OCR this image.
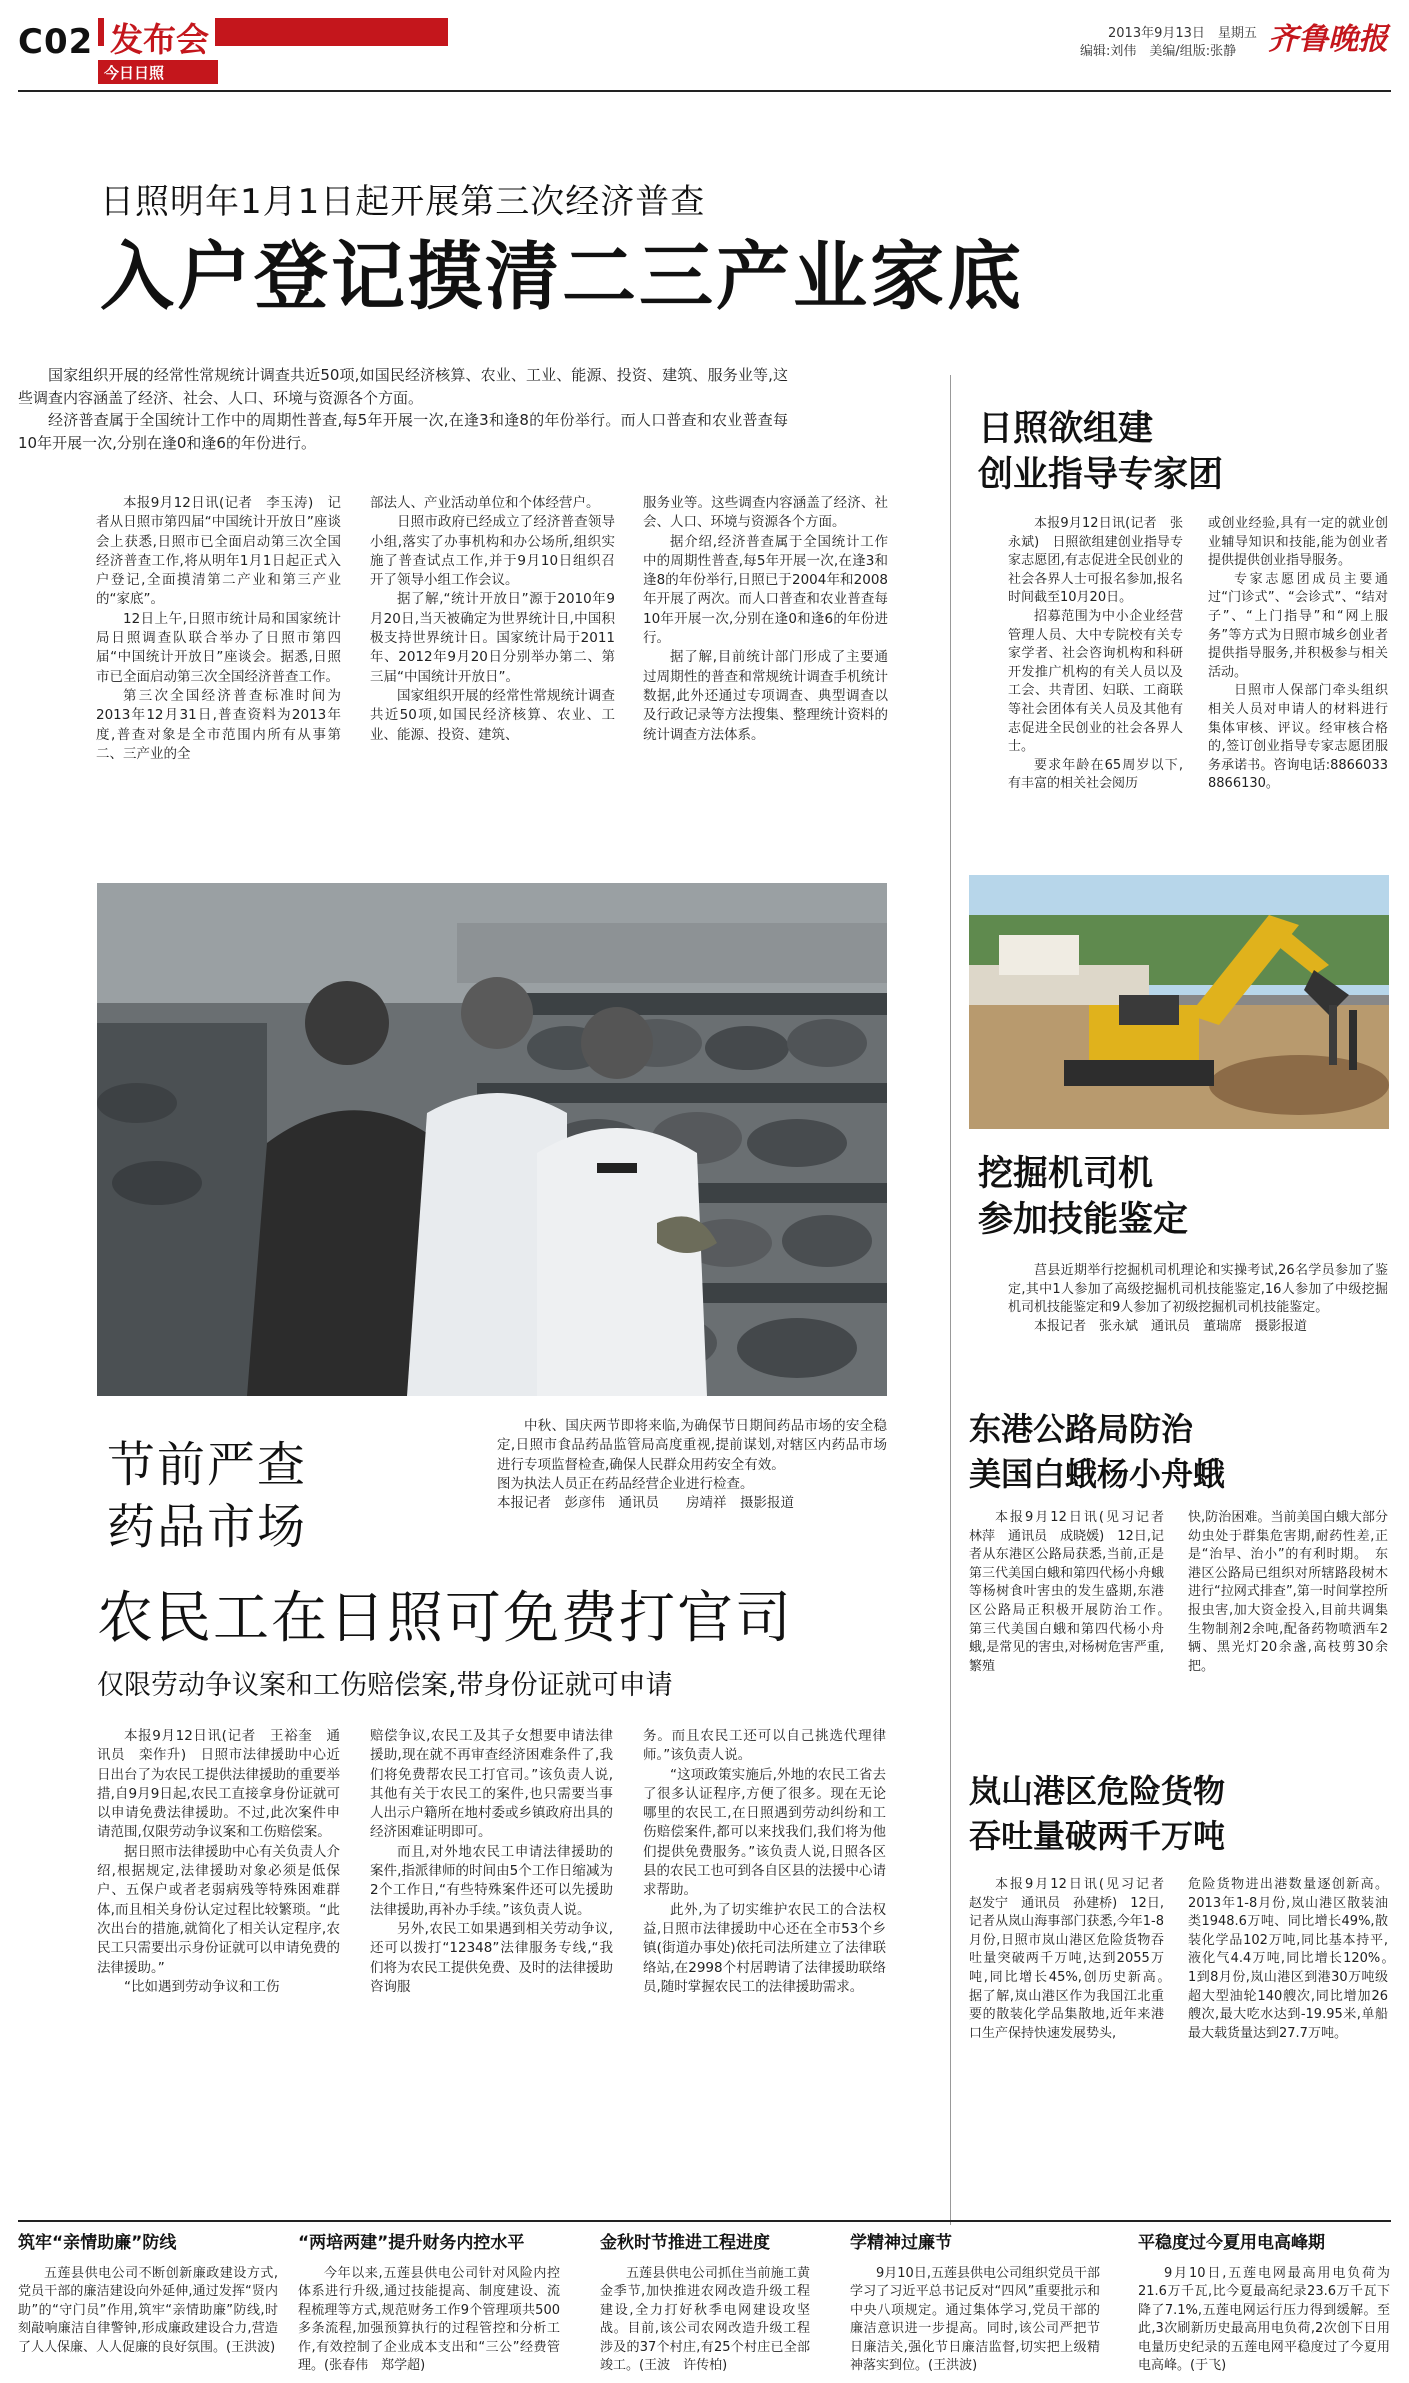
C02 发布会
今日日照
2013年9月13日　星期五
编辑:刘伟　美编/组版:张静 齐鲁晚报
日照明年1月1日起开展第三次经济普查
入户登记摸清二三产业家底

国家组织开展的经常性常规统计调查共近50项,如国民经济核算、农业、工业、能源、投资、建筑、服务业等,这些调查内容涵盖了经济、社会、人口、环境与资源各个方面。

经济普查属于全国统计工作中的周期性普查,每5年开展一次,在逢3和逢8的年份举行。而人口普查和农业普查每10年开展一次,分别在逢0和逢6的年份进行。

本报9月12日讯(记者　李玉涛)　记者从日照市第四届“中国统计开放日”座谈会上获悉,日照市已全面启动第三次全国经济普查工作,将从明年1月1日起正式入户登记,全面摸清第二产业和第三产业的“家底”。

12日上午,日照市统计局和国家统计局日照调查队联合举办了日照市第四届“中国统计开放日”座谈会。据悉,日照市已全面启动第三次全国经济普查工作。

第三次全国经济普查标准时间为2013年12月31日,普查资料为2013年度,普查对象是全市范围内所有从事第二、三产业的全

部法人、产业活动单位和个体经营户。

日照市政府已经成立了经济普查领导小组,落实了办事机构和办公场所,组织实施了普查试点工作,并于9月10日组织召开了领导小组工作会议。

据了解,“统计开放日”源于2010年9月20日,当天被确定为世界统计日,中国积极支持世界统计日。国家统计局于2011年、2012年9月20日分别举办第二、第三届“中国统计开放日”。

国家组织开展的经常性常规统计调查共近50项,如国民经济核算、农业、工业、能源、投资、建筑、

服务业等。这些调查内容涵盖了经济、社会、人口、环境与资源各个方面。

据介绍,经济普查属于全国统计工作中的周期性普查,每5年开展一次,在逢3和逢8的年份举行,日照已于2004年和2008年开展了两次。而人口普查和农业普查每10年开展一次,分别在逢0和逢6的年份进行。

据了解,目前统计部门形成了主要通过周期性的普查和常规统计调查手机统计数据,此外还通过专项调查、典型调查以及行政记录等方法搜集、整理统计资料的统计调查方法体系。

节前严查
药品市场

中秋、国庆两节即将来临,为确保节日期间药品市场的安全稳定,日照市食品药品监管局高度重视,提前谋划,对辖区内药品市场进行专项监督检查,确保人民群众用药安全有效。

图为执法人员正在药品经营企业进行检查。

本报记者　彭彦伟　通讯员　　房靖祥　摄影报道

农民工在日照可免费打官司
仅限劳动争议案和工伤赔偿案,带身份证就可申请

本报9月12日讯(记者　王裕奎　通讯员　栾作升)　日照市法律援助中心近日出台了为农民工提供法律援助的重要举措,自9月9日起,农民工直接拿身份证就可以申请免费法律援助。不过,此次案件申请范围,仅限劳动争议案和工伤赔偿案。

据日照市法律援助中心有关负责人介绍,根据规定,法律援助对象必须是低保户、五保户或者老弱病残等特殊困难群体,而且相关身份认定过程比较繁琐。“此次出台的措施,就简化了相关认定程序,农民工只需要出示身份证就可以申请免费的法律援助。”

“比如遇到劳动争议和工伤

赔偿争议,农民工及其子女想要申请法律援助,现在就不再审查经济困难条件了,我们将免费帮农民工打官司。”该负责人说,其他有关于农民工的案件,也只需要当事人出示户籍所在地村委或乡镇政府出具的经济困难证明即可。

而且,对外地农民工申请法律援助的案件,指派律师的时间由5个工作日缩减为2个工作日,“有些特殊案件还可以先援助法律援助,再补办手续。”该负责人说。

另外,农民工如果遇到相关劳动争议,还可以拨打“12348”法律服务专线,“我们将为农民工提供免费、及时的法律援助咨询服

务。而且农民工还可以自己挑选代理律师。”该负责人说。

“这项政策实施后,外地的农民工省去了很多认证程序,方便了很多。现在无论哪里的农民工,在日照遇到劳动纠纷和工伤赔偿案件,都可以来找我们,我们将为他们提供免费服务。”该负责人说,日照各区县的农民工也可到各自区县的法援中心请求帮助。

此外,为了切实维护农民工的合法权益,日照市法律援助中心还在全市53个乡镇(街道办事处)依托司法所建立了法律联络站,在2998个村居聘请了法律援助联络员,随时掌握农民工的法律援助需求。

日照欲组建
创业指导专家团

本报9月12日讯(记者　张永斌)　日照欲组建创业指导专家志愿团,有志促进全民创业的社会各界人士可报名参加,报名时间截至10月20日。

招募范围为中小企业经营管理人员、大中专院校有关专家学者、社会咨询机构和科研开发推广机构的有关人员以及工会、共青团、妇联、工商联等社会团体有关人员及其他有志促进全民创业的社会各界人士。

要求年龄在65周岁以下,有丰富的相关社会阅历

或创业经验,具有一定的就业创业辅导知识和技能,能为创业者提供提供创业指导服务。

专家志愿团成员主要通过“门诊式”、“会诊式”、“结对子”、“上门指导”和“网上服务”等方式为日照市城乡创业者提供指导服务,并积极参与相关活动。

日照市人保部门牵头组织相关人员对申请人的材料进行集体审核、评议。经审核合格的,签订创业指导专家志愿团服务承诺书。咨询电话:8866033 8866130。

挖掘机司机
参加技能鉴定

莒县近期举行挖掘机司机理论和实操考试,26名学员参加了鉴定,其中1人参加了高级挖掘机司机技能鉴定,16人参加了中级挖掘机司机技能鉴定和9人参加了初级挖掘机司机技能鉴定。

本报记者　张永斌　通讯员　董瑞席　摄影报道

东港公路局防治
美国白蛾杨小舟蛾
本报9月12日讯(见习记者　林萍　通讯员　成晓媛)　12日,记者从东港区公路局获悉,当前,正是第三代美国白蛾和第四代杨小舟蛾等杨树食叶害虫的发生盛期,东港区公路局正积极开展防治工作。　第三代美国白蛾和第四代杨小舟蛾,是常见的害虫,对杨树危害严重,繁殖
快,防治困难。当前美国白蛾大部分幼虫处于群集危害期,耐药性差,正是“治早、治小”的有利时期。　东港区公路局已组织对所辖路段树木进行“拉网式排查”,第一时间掌控所报虫害,加大资金投入,目前共调集生物制剂2余吨,配备药物喷洒车2辆、黑光灯20余盏,高枝剪30余把。
岚山港区危险货物
吞吐量破两千万吨
本报9月12日讯(见习记者　赵发宁　通讯员　孙建桥)　12日,记者从岚山海事部门获悉,今年1-8月份,日照市岚山港区危险货物吞吐量突破两千万吨,达到2055万吨,同比增长45%,创历史新高。　据了解,岚山港区作为我国江北重要的散装化学品集散地,近年来港口生产保持快速发展势头,
危险货物进出港数量逐创新高。2013年1-8月份,岚山港区散装油类1948.6万吨、同比增长49%,散装化学品102万吨,同比基本持平,液化气4.4万吨,同比增长120%。　1到8月份,岚山港区到港30万吨级超大型油轮140艘次,同比增加26艘次,最大吃水达到-19.95米,单船最大载货量达到27.7万吨。
筑牢“亲情助廉”防线
五莲县供电公司不断创新廉政建设方式,党员干部的廉洁建设向外延伸,通过发挥“贤内助”的“守门员”作用,筑牢“亲情助廉”防线,时刻敲响廉洁自律警钟,形成廉政建设合力,营造了人人保廉、人人促廉的良好氛围。(王洪波)
“两培两建”提升财务内控水平
今年以来,五莲县供电公司针对风险内控体系进行升级,通过技能提高、制度建设、流程梳理等方式,规范财务工作9个管理项共500多条流程,加强预算执行的过程管控和分析工作,有效控制了企业成本支出和“三公”经费管理。(张春伟　郑学超)
金秋时节推进工程进度
五莲县供电公司抓住当前施工黄金季节,加快推进农网改造升级工程建设,全力打好秋季电网建设攻坚战。目前,该公司农网改造升级工程涉及的37个村庄,有25个村庄已全部竣工。(王波　许传柏)
学精神过廉节
9月10日,五莲县供电公司组织党员干部学习了习近平总书记反对“四风”重要批示和中央八项规定。通过集体学习,党员干部的廉洁意识进一步提高。同时,该公司严把节日廉洁关,强化节日廉洁监督,切实把上级精神落实到位。(王洪波)
平稳度过今夏用电高峰期
9月10日,五莲电网最高用电负荷为21.6万千瓦,比今夏最高纪录23.6万千瓦下降了7.1%,五莲电网运行压力得到缓解。至此,3次刷新历史最高用电负荷,2次创下日用电量历史纪录的五莲电网平稳度过了今夏用电高峰。(于飞)
